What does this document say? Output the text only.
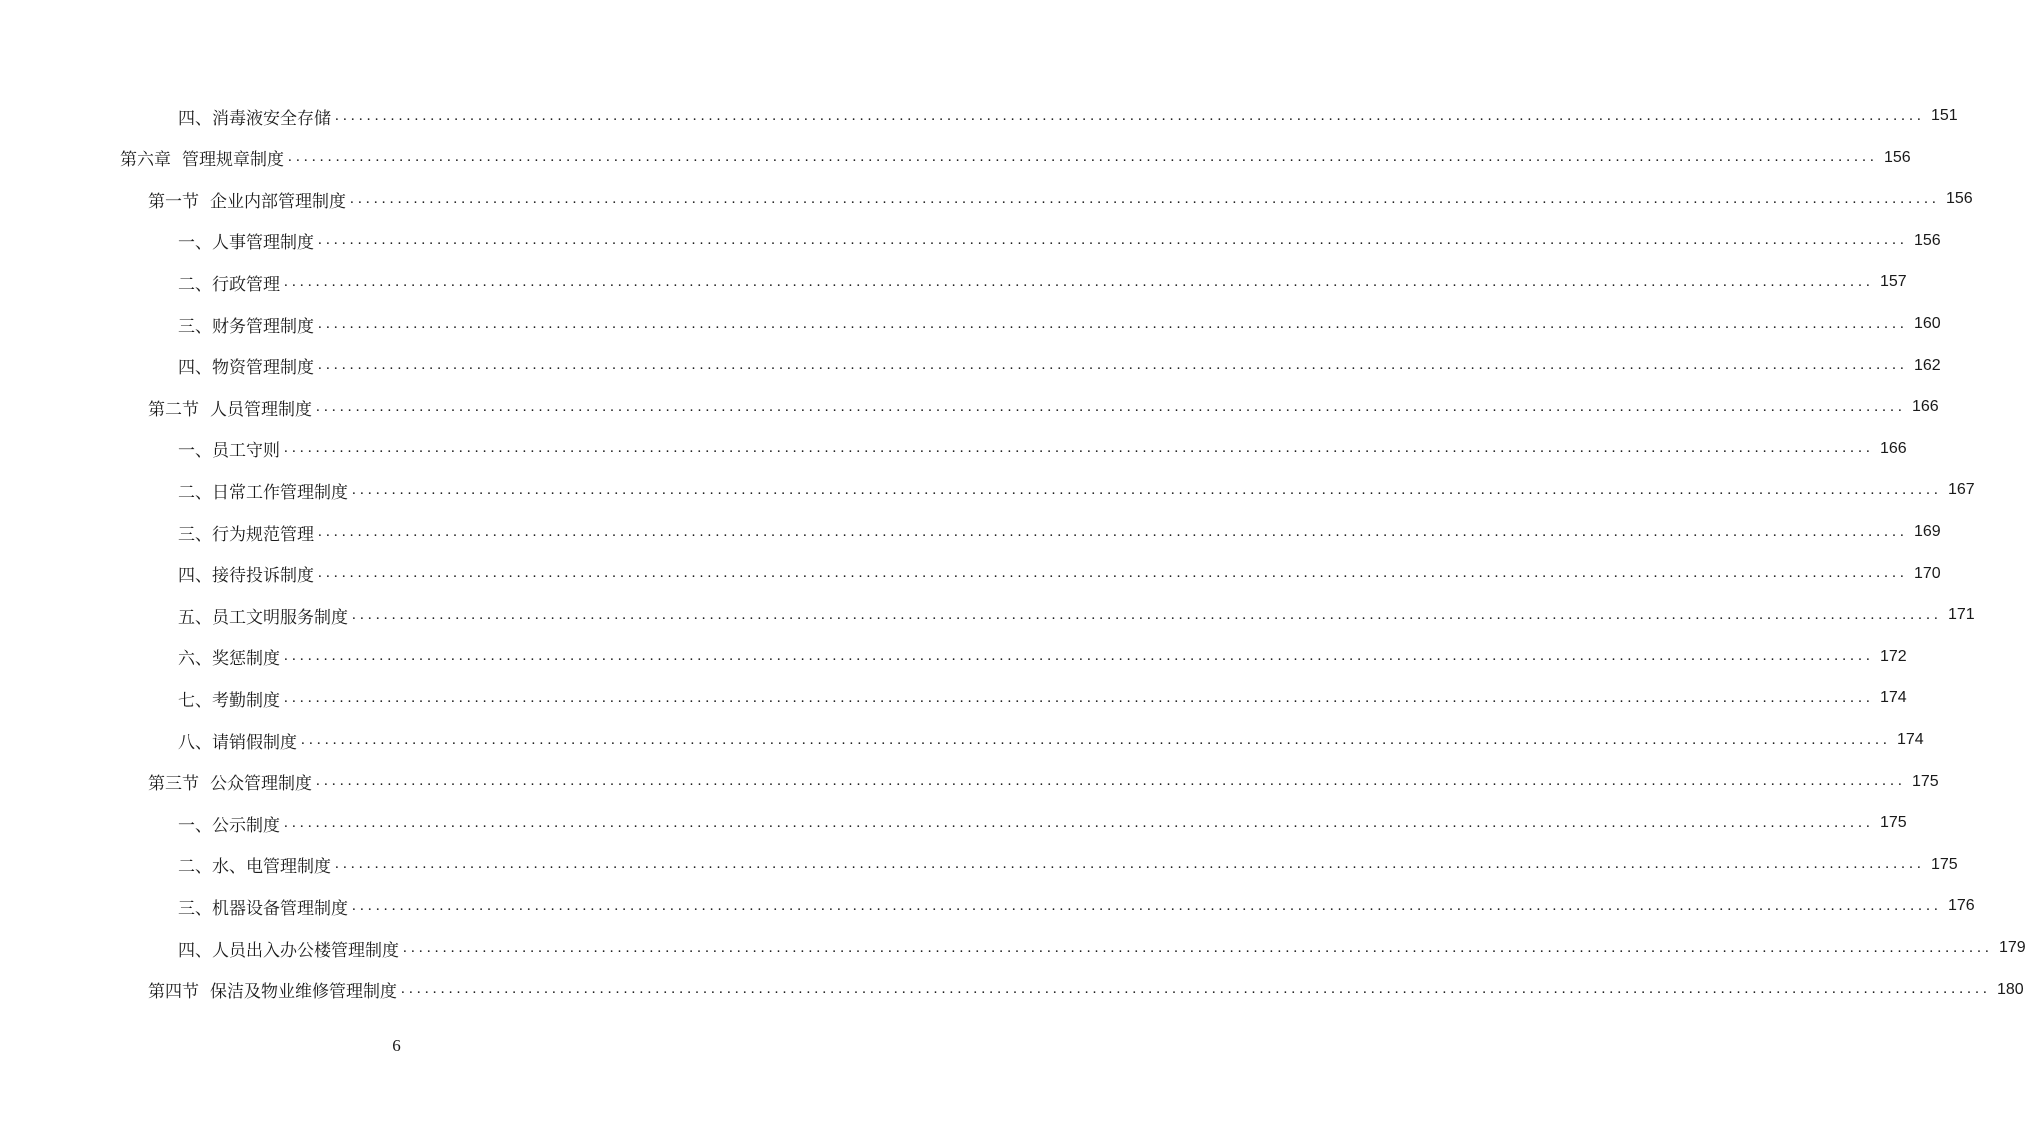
四、消毒液安全存储 ........................................................................................................................................................................................................ 151
第六章 管理规章制度 ........................................................................................................................................................................................................ 156
第一节 企业内部管理制度 ........................................................................................................................................................................................................ 156
一、人事管理制度 ........................................................................................................................................................................................................ 156
二、行政管理 ........................................................................................................................................................................................................ 157
三、财务管理制度 ........................................................................................................................................................................................................ 160
四、物资管理制度 ........................................................................................................................................................................................................ 162
第二节 人员管理制度 ........................................................................................................................................................................................................ 166
一、员工守则 ........................................................................................................................................................................................................ 166
二、日常工作管理制度 ........................................................................................................................................................................................................ 167
三、行为规范管理 ........................................................................................................................................................................................................ 169
四、接待投诉制度 ........................................................................................................................................................................................................ 170
五、员工文明服务制度 ........................................................................................................................................................................................................ 171
六、奖惩制度 ........................................................................................................................................................................................................ 172
七、考勤制度 ........................................................................................................................................................................................................ 174
八、请销假制度 ........................................................................................................................................................................................................ 174
第三节 公众管理制度 ........................................................................................................................................................................................................ 175
一、公示制度 ........................................................................................................................................................................................................ 175
二、水、电管理制度 ........................................................................................................................................................................................................ 175
三、机器设备管理制度 ........................................................................................................................................................................................................ 176
四、人员出入办公楼管理制度 ........................................................................................................................................................................................................ 179
第四节 保洁及物业维修管理制度 ........................................................................................................................................................................................................ 180
6
